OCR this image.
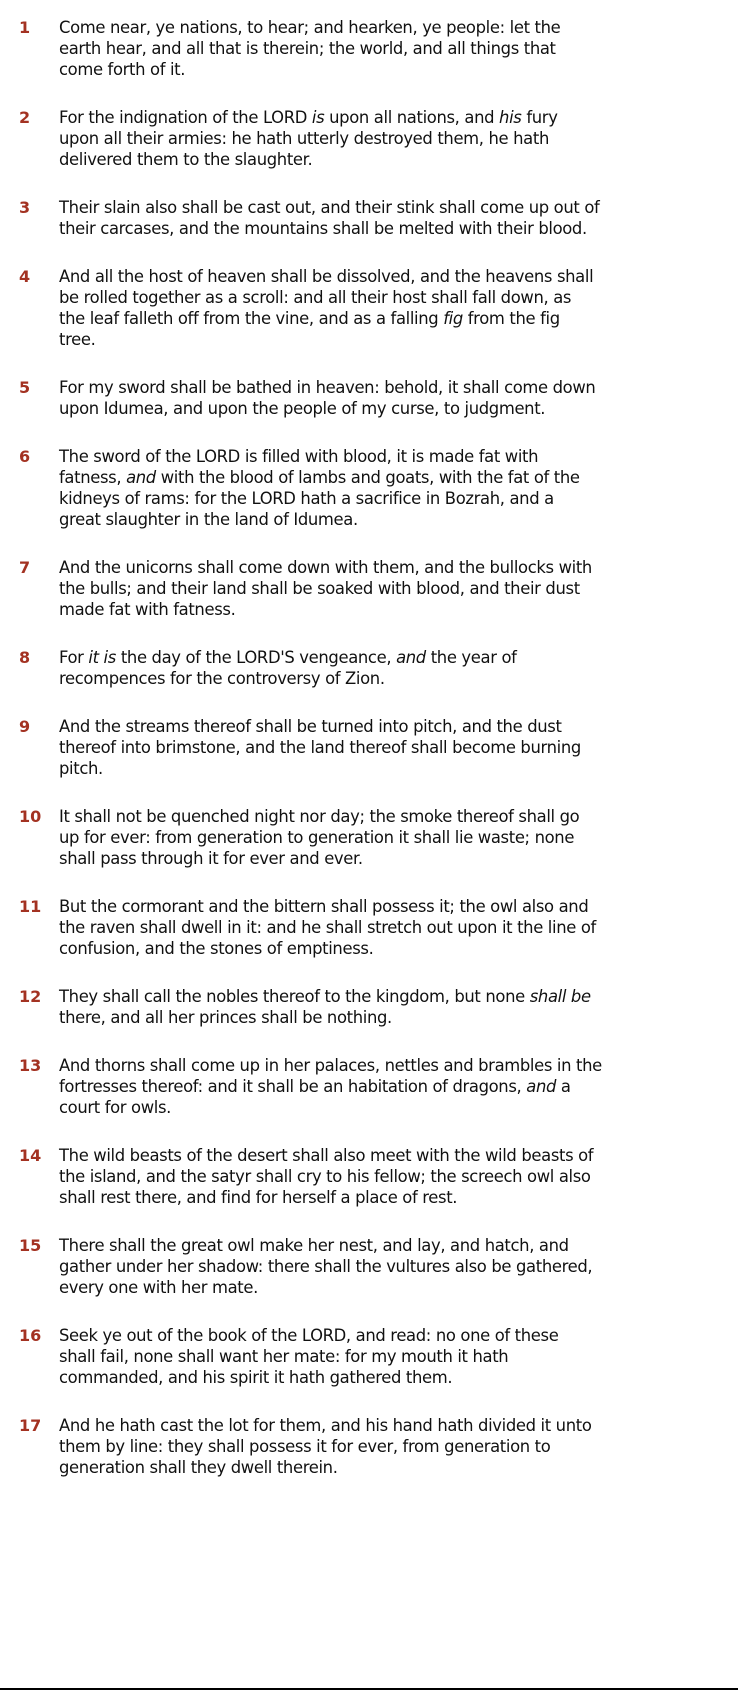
1	Come near, ye nations, to hear; and hearken, ye people: let the
earth hear, and all that is therein; the world, and all things that
come forth of it.
2	For the indignation of the LORD is upon all nations, and his fury
upon all their armies: he hath utterly destroyed them, he hath
delivered them to the slaughter.
3	Their slain also shall be cast out, and their stink shall come up out of
their carcases, and the mountains shall be melted with their blood.
4	And all the host of heaven shall be dissolved, and the heavens shall
be rolled together as a scroll: and all their host shall fall down, as
the leaf falleth off from the vine, and as a falling fig from the fig
tree.
5	For my sword shall be bathed in heaven: behold, it shall come down
upon Idumea, and upon the people of my curse, to judgment.
6	The sword of the LORD is filled with blood, it is made fat with
fatness, and with the blood of lambs and goats, with the fat of the
kidneys of rams: for the LORD hath a sacrifice in Bozrah, and a
great slaughter in the land of Idumea.
7	And the unicorns shall come down with them, and the bullocks with
the bulls; and their land shall be soaked with blood, and their dust
made fat with fatness.
8	For it is the day of the LORD'S vengeance, and the year of
recompences for the controversy of Zion.
9	And the streams thereof shall be turned into pitch, and the dust
thereof into brimstone, and the land thereof shall become burning
pitch.
10	It shall not be quenched night nor day; the smoke thereof shall go
up for ever: from generation to generation it shall lie waste; none
shall pass through it for ever and ever.
11	But the cormorant and the bittern shall possess it; the owl also and
the raven shall dwell in it: and he shall stretch out upon it the line of
confusion, and the stones of emptiness.
12	They shall call the nobles thereof to the kingdom, but none shall be
there, and all her princes shall be nothing.
13	And thorns shall come up in her palaces, nettles and brambles in the
fortresses thereof: and it shall be an habitation of dragons, and a
court for owls.
14	The wild beasts of the desert shall also meet with the wild beasts of
the island, and the satyr shall cry to his fellow; the screech owl also
shall rest there, and find for herself a place of rest.
15	There shall the great owl make her nest, and lay, and hatch, and
gather under her shadow: there shall the vultures also be gathered,
every one with her mate.
16	Seek ye out of the book of the LORD, and read: no one of these
shall fail, none shall want her mate: for my mouth it hath
commanded, and his spirit it hath gathered them.
17	And he hath cast the lot for them, and his hand hath divided it unto
them by line: they shall possess it for ever, from generation to
generation shall they dwell therein.
